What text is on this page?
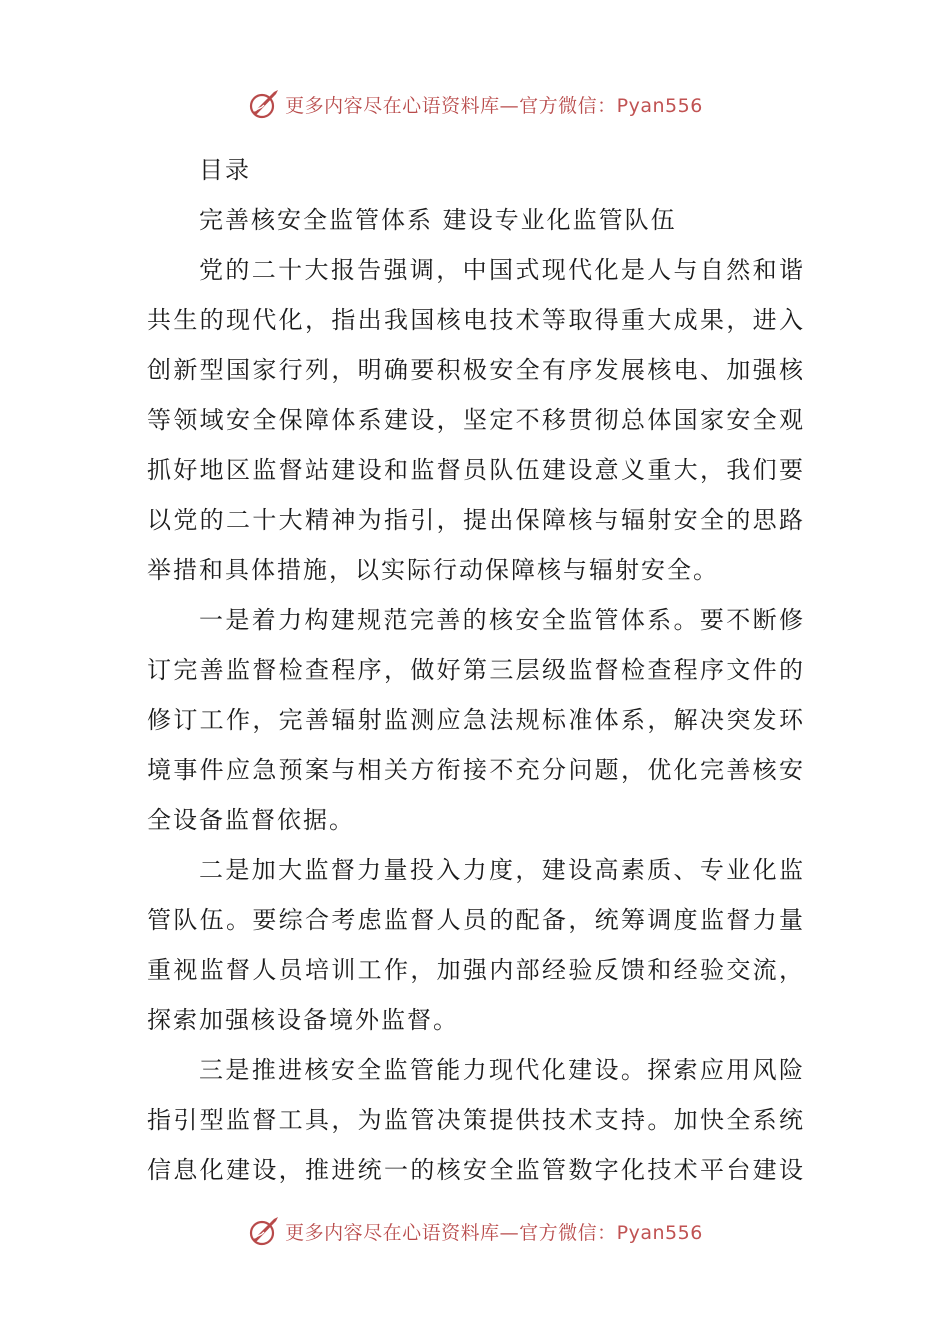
更多内容尽在心语资料库—官方微信：Pyan556
目录
完善核安全监管体系 建设专业化监管队伍
党的二十大报告强调，中国式现代化是人与自然和谐
共生的现代化，指出我国核电技术等取得重大成果，进入
创新型国家行列，明确要积极安全有序发展核电、加强核
等领域安全保障体系建设，坚定不移贯彻总体国家安全观
抓好地区监督站建设和监督员队伍建设意义重大，我们要
以党的二十大精神为指引，提出保障核与辐射安全的思路
举措和具体措施，以实际行动保障核与辐射安全。
一是着力构建规范完善的核安全监管体系。要不断修
订完善监督检查程序，做好第三层级监督检查程序文件的
修订工作，完善辐射监测应急法规标准体系，解决突发环
境事件应急预案与相关方衔接不充分问题，优化完善核安
全设备监督依据。
二是加大监督力量投入力度，建设高素质、专业化监
管队伍。要综合考虑监督人员的配备，统筹调度监督力量
重视监督人员培训工作，加强内部经验反馈和经验交流，
探索加强核设备境外监督。
三是推进核安全监管能力现代化建设。探索应用风险
指引型监督工具，为监管决策提供技术支持。加快全系统
信息化建设，推进统一的核安全监管数字化技术平台建设
更多内容尽在心语资料库—官方微信：Pyan556
